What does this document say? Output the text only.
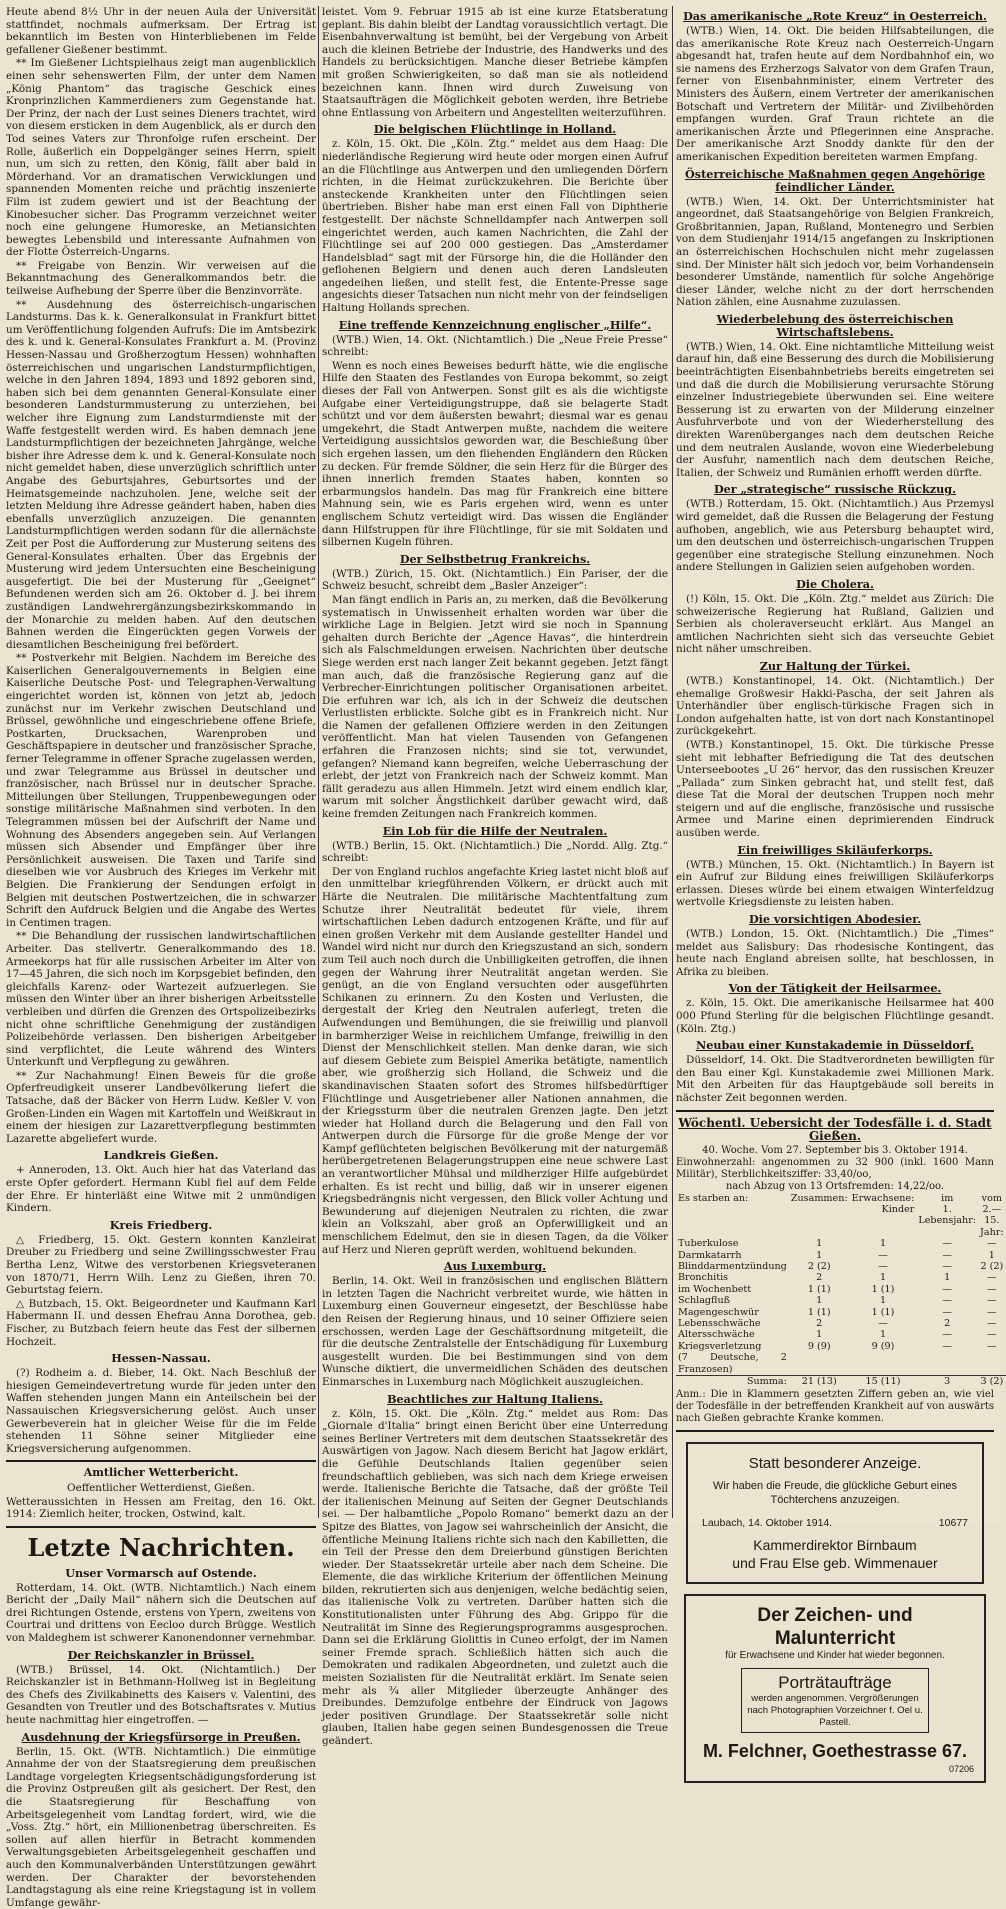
Heute abend 8½ Uhr in der neuen Aula der Universität stattfindet, nochmals aufmerksam. Der Ertrag ist bekanntlich im Besten von Hinterbliebenen im Felde gefallener Gießener bestimmt.

** Im Gießener Lichtspielhaus zeigt man augenblicklich einen sehr sehenswerten Film, der unter dem Namen „König Phantom“ das tragische Geschick eines Kronprinzlichen Kammerdieners zum Gegenstande hat. Der Prinz, der nach der Lust seines Dieners trachtet, wird von diesem ersticken in dem Augenblick, als er durch den Tod seines Vaters zur Thronfolge rufen erscheint. Der Rolle, äußerlich ein Doppelgänger seines Herrn, spielt nun, um sich zu retten, den König, fällt aber bald in Mörderhand. Vor an dramatischen Verwicklungen und spannenden Momenten reiche und prächtig inszenierte Film ist zudem gewiert und ist der Beachtung der Kinobesucher sicher. Das Programm verzeichnet weiter noch eine gelungene Humoreske, an Metiansichten bewegtes Lebensbild und interessante Aufnahmen von der Flotte Österreich-Ungarns.

** Freigabe von Benzin. Wir verweisen auf die Bekanntmachung des Generalkommandos betr. die teilweise Aufhebung der Sperre über die Benzinvorräte.

** Ausdehnung des österreichisch-ungarischen Landsturms. Das k. k. Generalkonsulat in Frankfurt bittet um Veröffentlichung folgenden Aufrufs: Die im Amtsbezirk des k. und k. General-Konsulates Frankfurt a. M. (Provinz Hessen-Nassau und Großherzogtum Hessen) wohnhaften österreichischen und ungarischen Landsturmpflichtigen, welche in den Jahren 1894, 1893 und 1892 geboren sind, haben sich bei dem genannten General-Konsulate einer besonderen Landsturmmusterung zu unterziehen, bei welcher ihre Eignung zum Landsturmdienste mit der Waffe festgestellt werden wird. Es haben demnach jene Landsturmpflichtigen der bezeichneten Jahrgänge, welche bisher ihre Adresse dem k. und k. General-Konsulate noch nicht gemeldet haben, diese unverzüglich schriftlich unter Angabe des Geburtsjahres, Geburtsortes und der Heimatsgemeinde nachzuholen. Jene, welche seit der letzten Meldung ihre Adresse geändert haben, haben dies ebenfalls unverzüglich anzuzeigen. Die genannten Landsturmpflichtigen werden sodann für die allernächste Zeit per Post die Aufforderung zur Musterung seitens des General-Konsulates erhalten. Über das Ergebnis der Musterung wird jedem Untersuchten eine Bescheinigung ausgefertigt. Die bei der Musterung für „Geeignet“ Befundenen werden sich am 26. Oktober d. J. bei ihrem zuständigen Landwehrergänzungsbezirkskommando in der Monarchie zu melden haben. Auf den deutschen Bahnen werden die Eingerückten gegen Vorweis der diesamtlichen Bescheinigung frei befördert.

** Postverkehr mit Belgien. Nachdem im Bereiche des Kaiserlichen Generalgouvernements in Belgien eine Kaiserliche Deutsche Post- und Telegraphen-Verwaltung eingerichtet worden ist, können von jetzt ab, jedoch zunächst nur im Verkehr zwischen Deutschland und Brüssel, gewöhnliche und eingeschriebene offene Briefe, Postkarten, Drucksachen, Warenproben und Geschäftspapiere in deutscher und französischer Sprache, ferner Telegramme in offener Sprache zugelassen werden, und zwar Telegramme aus Brüssel in deutscher und französischer, nach Brüssel nur in deutscher Sprache. Mitteilungen über Stellungen, Truppenbewegungen oder sonstige militärische Maßnahmen sind verboten. In den Telegrammen müssen bei der Aufschrift der Name und Wohnung des Absenders angegeben sein. Auf Verlangen müssen sich Absender und Empfänger über ihre Persönlichkeit ausweisen. Die Taxen und Tarife sind dieselben wie vor Ausbruch des Krieges im Verkehr mit Belgien. Die Frankierung der Sendungen erfolgt in Belgien mit deutschen Postwertzeichen, die in schwarzer Schrift den Aufdruck Belgien und die Angabe des Wertes in Centimen tragen.

** Die Behandlung der russischen landwirtschaftlichen Arbeiter. Das stellvertr. Generalkommando des 18. Armeekorps hat für alle russischen Arbeiter im Alter von 17—45 Jahren, die sich noch im Korpsgebiet befinden, den gleichfalls Karenz- oder Wartezeit aufzuerlegen. Sie müssen den Winter über an ihrer bisherigen Arbeitsstelle verbleiben und dürfen die Grenzen des Ortspolizeibezirks nicht ohne schriftliche Genehmigung der zuständigen Polizeibehörde verlassen. Den bisherigen Arbeitgeber sind verpflichtet, die Leute während des Winters Unterkunft und Verpflegung zu gewähren.

** Zur Nachahmung! Einen Beweis für die große Opferfreudigkeit unserer Landbevölkerung liefert die Tatsache, daß der Bäcker von Herrn Ludw. Keßler V. von Großen-Linden ein Wagen mit Kartoffeln und Weißkraut in einem der hiesigen zur Lazarettverpflegung bestimmten Lazarette abgeliefert wurde.

Landkreis Gießen.

+ Anneroden, 13. Okt. Auch hier hat das Vaterland das erste Opfer gefordert. Hermann Kubl fiel auf dem Felde der Ehre. Er hinterläßt eine Witwe mit 2 unmündigen Kindern.

Kreis Friedberg.

△ Friedberg, 15. Okt. Gestern konnten Kanzleirat Dreuber zu Friedberg und seine Zwillingsschwester Frau Bertha Lenz, Witwe des verstorbenen Kriegsveteranen von 1870/71, Herrn Wilh. Lenz zu Gießen, ihren 70. Geburtstag feiern.

△ Butzbach, 15. Okt. Beigeordneter und Kaufmann Karl Habermann II. und dessen Ehefrau Anna Dorothea, geb. Fischer, zu Butzbach feiern heute das Fest der silbernen Hochzeit.

Hessen-Nassau.

(?) Rodheim a. d. Bieber, 14. Okt. Nach Beschluß der hiesigen Gemeindevertretung wurde für jeden unter den Waffen stehenden jungen Mann ein Anteilschein bei der Nassauischen Kriegsversicherung gelöst. Auch unser Gewerbeverein hat in gleicher Weise für die im Felde stehenden 11 Söhne seiner Mitglieder eine Kriegsversicherung aufgenommen.

Amtlicher Wetterbericht.
Oeffentlicher Wetterdienst, Gießen.
Wetteraussichten in Hessen am Freitag, den 16. Okt. 1914: Ziemlich heiter, trocken, Ostwind, kalt.
Letzte Nachrichten.
Unser Vormarsch auf Ostende.

Rotterdam, 14. Okt. (WTB. Nichtamtlich.) Nach einem Bericht der „Daily Mail“ nähern sich die Deutschen auf drei Richtungen Ostende, erstens von Ypern, zweitens von Courtrai und drittens von Eecloo durch Brügge. Westlich von Maldeghem ist schwerer Kanonendonner vernehmbar.

Der Reichskanzler in Brüssel.

(WTB.) Brüssel, 14. Okt. (Nichtamtlich.) Der Reichskanzler ist in Bethmann-Hollweg ist in Begleitung des Chefs des Zivilkabinetts des Kaisers v. Valentini, des Gesandten von Treutler und des Botschaftsrates v. Mutius heute nachmittag hier eingetroffen. —

Ausdehnung der Kriegsfürsorge in Preußen.

Berlin, 15. Okt. (WTB. Nichtamtlich.) Die einmütige Annahme der von der Staatsregierung dem preußischen Landtage vorgelegten Kriegsentschädigungsforderung ist die Provinz Ostpreußen gilt als gesichert. Der Rest, den die Staatsregierung für Beschaffung von Arbeitsgelegenheit vom Landtag fordert, wird, wie die „Voss. Ztg.“ hört, ein Millionenbetrag überschreiten. Es sollen auf allen hierfür in Betracht kommenden Verwaltungsgebieten Arbeitsgelegenheit geschaffen und auch den Kommunalverbänden Unterstützungen gewährt werden. Der Charakter der bevorstehenden Landtagstagung als eine reine Kriegstagung ist in vollem Umfange gewähr-

leistet. Vom 9. Februar 1915 ab ist eine kurze Etatsberatung geplant. Bis dahin bleibt der Landtag voraussichtlich vertagt. Die Eisenbahnverwaltung ist bemüht, bei der Vergebung von Arbeit auch die kleinen Betriebe der Industrie, des Handwerks und des Handels zu berücksichtigen. Manche dieser Betriebe kämpfen mit großen Schwierigkeiten, so daß man sie als notleidend bezeichnen kann. Ihnen wird durch Zuweisung von Staatsaufträgen die Möglichkeit geboten werden, ihre Betriebe ohne Entlassung von Arbeitern und Angestellten weiterzuführen.

Die belgischen Flüchtlinge in Holland.

z. Köln, 15. Okt. Die „Köln. Ztg.“ meldet aus dem Haag: Die niederländische Regierung wird heute oder morgen einen Aufruf an die Flüchtlinge aus Antwerpen und den umliegenden Dörfern richten, in die Heimat zurückzukehren. Die Berichte über ansteckende Krankheiten unter den Flüchtlingen seien übertrieben. Bisher habe man erst einen Fall von Diphtherie festgestellt. Der nächste Schnelldampfer nach Antwerpen soll eingerichtet werden, auch kamen Nachrichten, die Zahl der Flüchtlinge sei auf 200 000 gestiegen. Das „Amsterdamer Handelsblad“ sagt mit der Fürsorge hin, die die Holländer den geflohenen Belgiern und denen auch deren Landsleuten angedeihen ließen, und stellt fest, die Entente-Presse sage angesichts dieser Tatsachen nun nicht mehr von der feindseligen Haltung Hollands sprechen.

Eine treffende Kennzeichnung englischer „Hilfe“.

(WTB.) Wien, 14. Okt. (Nichtamtlich.) Die „Neue Freie Presse“ schreibt:

Wenn es noch eines Beweises bedurft hätte, wie die englische Hilfe den Staaten des Festlandes von Europa bekommt, so zeigt dieses der Fall von Antwerpen. Sonst gilt es als die wichtigste Aufgabe einer Verteidigungstruppe, daß sie belagerte Stadt schützt und vor dem äußersten bewahrt; diesmal war es genau umgekehrt, die Stadt Antwerpen mußte, nachdem die weitere Verteidigung aussichtslos geworden war, die Beschießung über sich ergehen lassen, um den fliehenden Engländern den Rücken zu decken. Für fremde Söldner, die sein Herz für die Bürger des ihnen innerlich fremden Staates haben, konnten so erbarmungslos handeln. Das mag für Frankreich eine bittere Mahnung sein, wie es Paris ergehen wird, wenn es unter englischem Schutz verteidigt wird. Das wissen die Engländer dann Hilfstruppen für ihre Flüchtlinge, für sie mit Soldaten und silbernen Kugeln führen.

Der Selbstbetrug Frankreichs.

(WTB.) Zürich, 15. Okt. (Nichtamtlich.) Ein Pariser, der die Schweiz besucht, schreibt dem „Basler Anzeiger“:

Man fängt endlich in Paris an, zu merken, daß die Bevölkerung systematisch in Unwissenheit erhalten worden war über die wirkliche Lage in Belgien. Jetzt wird sie noch in Spannung gehalten durch Berichte der „Agence Havas“, die hinterdrein sich als Falschmeldungen erweisen. Nachrichten über deutsche Siege werden erst nach langer Zeit bekannt gegeben. Jetzt fängt man auch, daß die französische Regierung ganz auf die Verbrecher-Einrichtungen politischer Organisationen arbeitet. Die erfuhren war ich, als ich in der Schweiz die deutschen Verlustlisten erblickte. Solche gibt es in Frankreich nicht. Nur die Namen der gefallenen Offiziere werden in den Zeitungen veröffentlicht. Man hat vielen Tausenden von Gefangenen erfahren die Franzosen nichts; sind sie tot, verwundet, gefangen? Niemand kann begreifen, welche Ueberraschung der erlebt, der jetzt von Frankreich nach der Schweiz kommt. Man fällt geradezu aus allen Himmeln. Jetzt wird einem endlich klar, warum mit solcher Ängstlichkeit darüber gewacht wird, daß keine fremden Zeitungen nach Frankreich kommen.

Ein Lob für die Hilfe der Neutralen.

(WTB.) Berlin, 15. Okt. (Nichtamtlich.) Die „Nordd. Allg. Ztg.“ schreibt:

Der von England ruchlos angefachte Krieg lastet nicht bloß auf den unmittelbar kriegführenden Völkern, er drückt auch mit Härte die Neutralen. Die militärische Machtentfaltung zum Schutze ihrer Neutralität bedeutet für viele, ihrem wirtschaftlichen Leben dadurch entzogenen Kräfte, und für auf einen großen Verkehr mit dem Auslande gestellter Handel und Wandel wird nicht nur durch den Kriegszustand an sich, sondern zum Teil auch noch durch die Unbilligkeiten getroffen, die ihnen gegen der Wahrung ihrer Neutralität angetan werden. Sie genügt, an die von England versuchten oder ausgeführten Schikanen zu erinnern. Zu den Kosten und Verlusten, die dergestalt der Krieg den Neutralen auferlegt, treten die Aufwendungen und Bemühungen, die sie freiwillig und planvoll in barmherziger Weise in reichlichem Umfange, freiwillig in den Dienst der Menschlichkeit stellen. Man denke daran, wie sich auf diesem Gebiete zum Beispiel Amerika betätigte, namentlich aber, wie großherzig sich Holland, die Schweiz und die skandinavischen Staaten sofort des Stromes hilfsbedürftiger Flüchtlinge und Ausgetriebener aller Nationen annahmen, die der Kriegssturm über die neutralen Grenzen jagte. Den jetzt wieder hat Holland durch die Belagerung und den Fall von Antwerpen durch die Fürsorge für die große Menge der vor Kampf geflüchteten belgischen Bevölkerung mit der naturgemäß herübergetretenen Belagerungstruppen eine neue schwere Last an verantwortlicher Mühsal und mildherziger Hilfe aufgebürdet erhalten. Es ist recht und billig, daß wir in unserer eigenen Kriegsbedrängnis nicht vergessen, den Blick voller Achtung und Bewunderung auf diejenigen Neutralen zu richten, die zwar klein an Volkszahl, aber groß an Opferwilligkeit und an menschlichem Edelmut, den sie in diesen Tagen, da die Völker auf Herz und Nieren geprüft werden, wohltuend bekunden.

Aus Luxemburg.

Berlin, 14. Okt. Weil in französischen und englischen Blättern in letzten Tagen die Nachricht verbreitet wurde, wie hätten in Luxemburg einen Gouverneur eingesetzt, der Beschlüsse habe den Reisen der Regierung hinaus, und 10 seiner Offiziere seien erschossen, werden Lage der Geschäftsordnung mitgeteilt, die für die deutsche Zentralstelle der Entschädigung für Luxemburg ausgestellt wurden. Die bei Bestimmungen sind von dem Wunsche diktiert, die unvermeidlichen Schäden des deutschen Einmarsches in Luxemburg nach Möglichkeit auszugleichen.

Beachtliches zur Haltung Italiens.

z. Köln, 15. Okt. Die „Köln. Ztg.“ meldet aus Rom: Das „Giornale d'Italia“ bringt einen Bericht über eine Unterredung seines Berliner Vertreters mit dem deutschen Staatssekretär des Auswärtigen von Jagow. Nach diesem Bericht hat Jagow erklärt, die Gefühle Deutschlands Italien gegenüber seien freundschaftlich geblieben, was sich nach dem Kriege erweisen werde. Italienische Berichte die Tatsache, daß der größte Teil der italienischen Meinung auf Seiten der Gegner Deutschlands sei. — Der halbamtliche „Popolo Romano“ bemerkt dazu an der Spitze des Blattes, von Jagow sei wahrscheinlich der Ansicht, die öffentliche Meinung Italiens richte sich nach den Kabilletten, die ein Teil der Presse den dem Dreierbund günstigen Berichten wieder. Der Staatssekretär urteile aber nach dem Scheine. Die Elemente, die das wirkliche Kriterium der öffentlichen Meinung bilden, rekrutierten sich aus denjenigen, welche bedächtig seien, das italienische Volk zu vertreten. Darüber hatten sich die Konstitutionalisten unter Führung des Abg. Grippo für die Neutralität im Sinne des Regierungsprogramms ausgesprochen. Dann sei die Erklärung Giolittis in Cuneo erfolgt, der im Namen seiner Fremde sprach. Schließlich hätten sich auch die Demokraten und radikalen Abgeordneten, und zuletzt auch die meisten Sozialisten für die Neutralität erklärt. Im Senate seien mehr als ¾ aller Mitglieder überzeugte Anhänger des Dreibundes. Demzufolge entbehre der Eindruck von Jagows jeder positiven Grundlage. Der Staatssekretär solle nicht glauben, Italien habe gegen seinen Bundesgenossen die Treue geändert.

Das amerikanische „Rote Kreuz“ in Oesterreich.

(WTB.) Wien, 14. Okt. Die beiden Hilfsabteilungen, die das amerikanische Rote Kreuz nach Oesterreich-Ungarn abgesandt hat, trafen heute auf dem Nordbahnhof ein, wo sie namens des Erzherzogs Salvator von dem Grafen Traun, ferner von Eisenbahnminister, einem Vertreter des Ministers des Äußern, einem Vertreter der amerikanischen Botschaft und Vertretern der Militär- und Zivilbehörden empfangen wurden. Graf Traun richtete an die amerikanischen Ärzte und Pflegerinnen eine Ansprache. Der amerikanische Arzt Snoddy dankte für den der amerikanischen Expedition bereiteten warmen Empfang.

Österreichische Maßnahmen gegen Angehörige feindlicher Länder.

(WTB.) Wien, 14. Okt. Der Unterrichtsminister hat angeordnet, daß Staatsangehörige von Belgien Frankreich, Großbritannien, Japan, Rußland, Montenegro und Serbien von dem Studienjahr 1914/15 angefangen zu Inskriptionen an österreichischen Hochschulen nicht mehr zugelassen sind. Der Minister hält sich jedoch vor, beim Vorhandensein besonderer Umstände, namentlich für solche Angehörige dieser Länder, welche nicht zu der dort herrschenden Nation zählen, eine Ausnahme zuzulassen.

Wiederbelebung des österreichischen Wirtschaftslebens.

(WTB.) Wien, 14. Okt. Eine nichtamtliche Mitteilung weist darauf hin, daß eine Besserung des durch die Mobilisierung beeinträchtigten Eisenbahnbetriebs bereits eingetreten sei und daß die durch die Mobilisierung verursachte Störung einzelner Industriegebiete überwunden sei. Eine weitere Besserung ist zu erwarten von der Milderung einzelner Ausfuhrverbote und von der Wiederherstellung des direkten Warenüberganges nach dem deutschen Reiche und dem neutralen Auslande, wovon eine Wiederbelebung der Ausfuhr, namentlich nach dem deutschen Reiche, Italien, der Schweiz und Rumänien erhofft werden dürfte.

Der „strategische“ russische Rückzug.

(WTB.) Rotterdam, 15. Okt. (Nichtamtlich.) Aus Przemysl wird gemeldet, daß die Russen die Belagerung der Festung aufhoben, angeblich, wie aus Petersburg behauptet wird, um den deutschen und österreichisch-ungarischen Truppen gegenüber eine strategische Stellung einzunehmen. Noch andere Stellungen in Galizien seien aufgehoben worden.

Die Cholera.

(!) Köln, 15. Okt. Die „Köln. Ztg.“ meldet aus Zürich: Die schweizerische Regierung hat Rußland, Galizien und Serbien als choleraverseucht erklärt. Aus Mangel an amtlichen Nachrichten sieht sich das verseuchte Gebiet nicht näher umschreiben.

Zur Haltung der Türkei.

(WTB.) Konstantinopel, 14. Okt. (Nichtamtlich.) Der ehemalige Großwesir Hakki-Pascha, der seit Jahren als Unterhändler über englisch-türkische Fragen sich in London aufgehalten hatte, ist von dort nach Konstantinopel zurückgekehrt.

(WTB.) Konstantinopel, 15. Okt. Die türkische Presse sieht mit lebhafter Befriedigung die Tat des deutschen Unterseebootes „U 26“ hervor, das den russischen Kreuzer „Pallada“ zum Sinken gebracht hat, und stellt fest, daß diese Tat die Moral der deutschen Truppen noch mehr steigern und auf die englische, französische und russische Armee und Marine einen deprimierenden Eindruck ausüben werde.

Ein freiwilliges Skiläuferkorps.

(WTB.) München, 15. Okt. (Nichtamtlich.) In Bayern ist ein Aufruf zur Bildung eines freiwilligen Skiläuferkorps erlassen. Dieses würde bei einem etwaigen Winterfeldzug wertvolle Kriegsdienste zu leisten haben.

Die vorsichtigen Abodesier.

(WTB.) London, 15. Okt. (Nichtamtlich.) Die „Times“ meldet aus Salisbury: Das rhodesische Kontingent, das heute nach England abreisen sollte, hat beschlossen, in Afrika zu bleiben.

Von der Tätigkeit der Heilsarmee.

z. Köln, 15. Okt. Die amerikanische Heilsarmee hat 400 000 Pfund Sterling für die belgischen Flüchtlinge gesandt. (Köln. Ztg.)

Neubau einer Kunstakademie in Düsseldorf.

Düsseldorf, 14. Okt. Die Stadtverordneten bewilligten für den Bau einer Kgl. Kunstakademie zwei Millionen Mark. Mit den Arbeiten für das Hauptgebäude soll bereits in nächster Zeit begonnen werden.

Wöchentl. Uebersicht der Todesfälle i. d. Stadt Gießen.
40. Woche. Vom 27. September bis 3. Oktober 1914.
Einwohnerzahl: angenommen zu 32 900 (inkl. 1600 Mann Militär), Sterblichkeitsziffer: 33,40/oo,
nach Abzug von 13 Ortsfremden: 14,22/oo.
Es starben an:	Zusammen:	Erwachsene:	im	vom
		Kinder	1. Lebensjahr:	2.—15. Jahr:
Tuberkulose	1	1	—	—
Darmkatarrh	1	—	—	1
Blinddarmentzündung	2 (2)	—	—	2 (2)
Bronchitis	2	1	1	—
im Wochenbett	1 (1)	1 (1)	—	—
Schlagfluß	1	1	—	—
Magengeschwür	1 (1)	1 (1)	—	—
Lebensschwäche	2	—	2	—
Altersschwäche	1	1	—	—
Kriegsverletzung	9 (9)	9 (9)	—	—
(7 Deutsche, 2 Franzosen)				
Summa:	21 (13)	15 (11)	3	3 (2)
Anm.: Die in Klammern gesetzten Ziffern geben an, wie viel der Todesfälle in der betreffenden Krankheit auf von auswärts nach Gießen gebrachte Kranke kommen.
Statt besonderer Anzeige.
Wir haben die Freude, die glückliche Geburt eines Töchterchens anzuzeigen.
Laubach, 14. Oktober 1914.	10677
Kammerdirektor Birnbaum
und Frau Else geb. Wimmenauer
Der Zeichen- und Malunterricht
für Erwachsene und Kinder hat wieder begonnen.
Porträtaufträge
werden angenommen. Vergrößerungen nach Photographien Vorzeichner f. Oel u. Pastell.
M. Felchner, Goethestrasse 67.
07206
